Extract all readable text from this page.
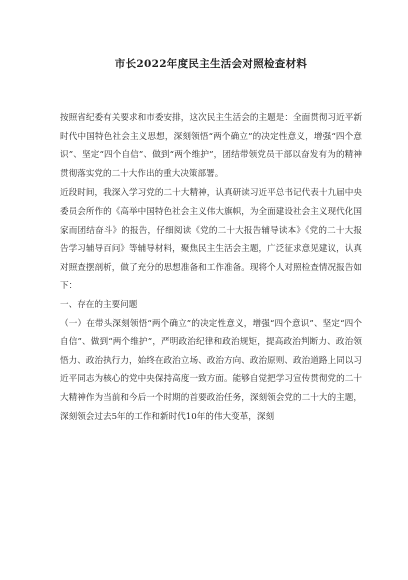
市长2022年度民主生活会对照检查材料

按照省纪委有关要求和市委安排，这次民主生活会的主题是：全面贯彻习近平新时代中国特色社会主义思想，深刻领悟“两个确立”的决定性意义，增强“四个意识”、坚定“四个自信”、做到“两个维护”，团结带领党员干部以奋发有为的精神贯彻落实党的二十大作出的重大决策部署。

近段时间，我深入学习党的二十大精神，认真研读习近平总书记代表十九届中央委员会所作的《高举中国特色社会主义伟大旗帜，为全面建设社会主义现代化国家而团结奋斗》的报告，仔细阅读《党的二十大报告辅导读本》《党的二十大报告学习辅导百问》等辅导材料，聚焦民主生活会主题，广泛征求意见建议，认真对照查摆剖析，做了充分的思想准备和工作准备。现将个人对照检查情况报告如下：

一、存在的主要问题

（一）在带头深刻领悟“两个确立”的决定性意义，增强“四个意识”、坚定“四个自信”、做到“两个维护”，严明政治纪律和政治规矩，提高政治判断力、政治领悟力、政治执行力，始终在政治立场、政治方向、政治原则、政治道路上同以习近平同志为核心的党中央保持高度一致方面。能够自觉把学习宣传贯彻党的二十大精神作为当前和今后一个时期的首要政治任务，深刻领会党的二十大的主题，深刻领会过去5年的工作和新时代10年的伟大变革，深刻
